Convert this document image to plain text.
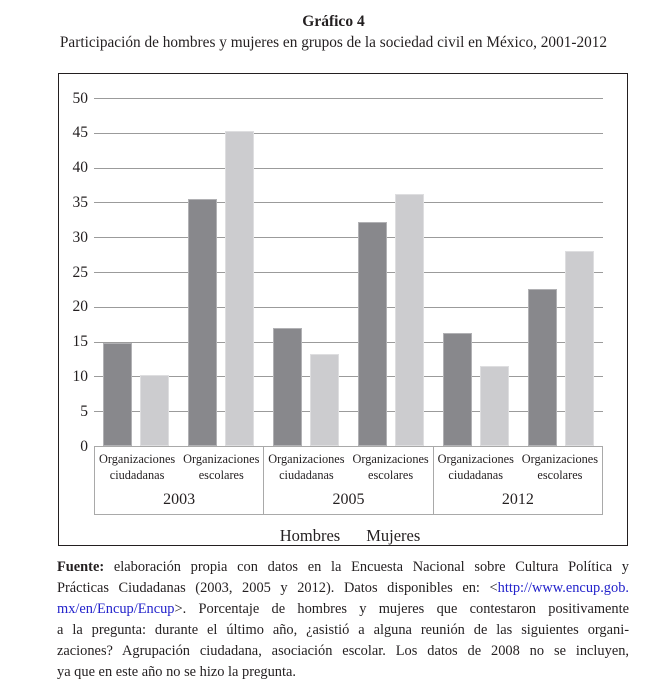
Gráfico 4
Participación de hombres y mujeres en grupos de la sociedad civil en México, 2001-2012
0
5
10
15
20
25
30
35
40
45
50
Organizaciones
ciudadanas
Organizaciones
escolares
2003
Organizaciones
ciudadanas
Organizaciones
escolares
2005
Organizaciones
ciudadanas
Organizaciones
escolares
2012
Hombres Mujeres
Fuente: elaboración propia con datos en la Encuesta Nacional sobre Cultura Política y
Prácticas Ciudadanas (2003, 2005 y 2012). Datos disponibles en: <http://www.encup.gob.
mx/en/Encup/Encup>. Porcentaje de hombres y mujeres que contestaron positivamente
a la pregunta: durante el último año, ¿asistió a alguna reunión de las siguientes organi-
zaciones? Agrupación ciudadana, asociación escolar. Los datos de 2008 no se incluyen,
ya que en este año no se hizo la pregunta.
